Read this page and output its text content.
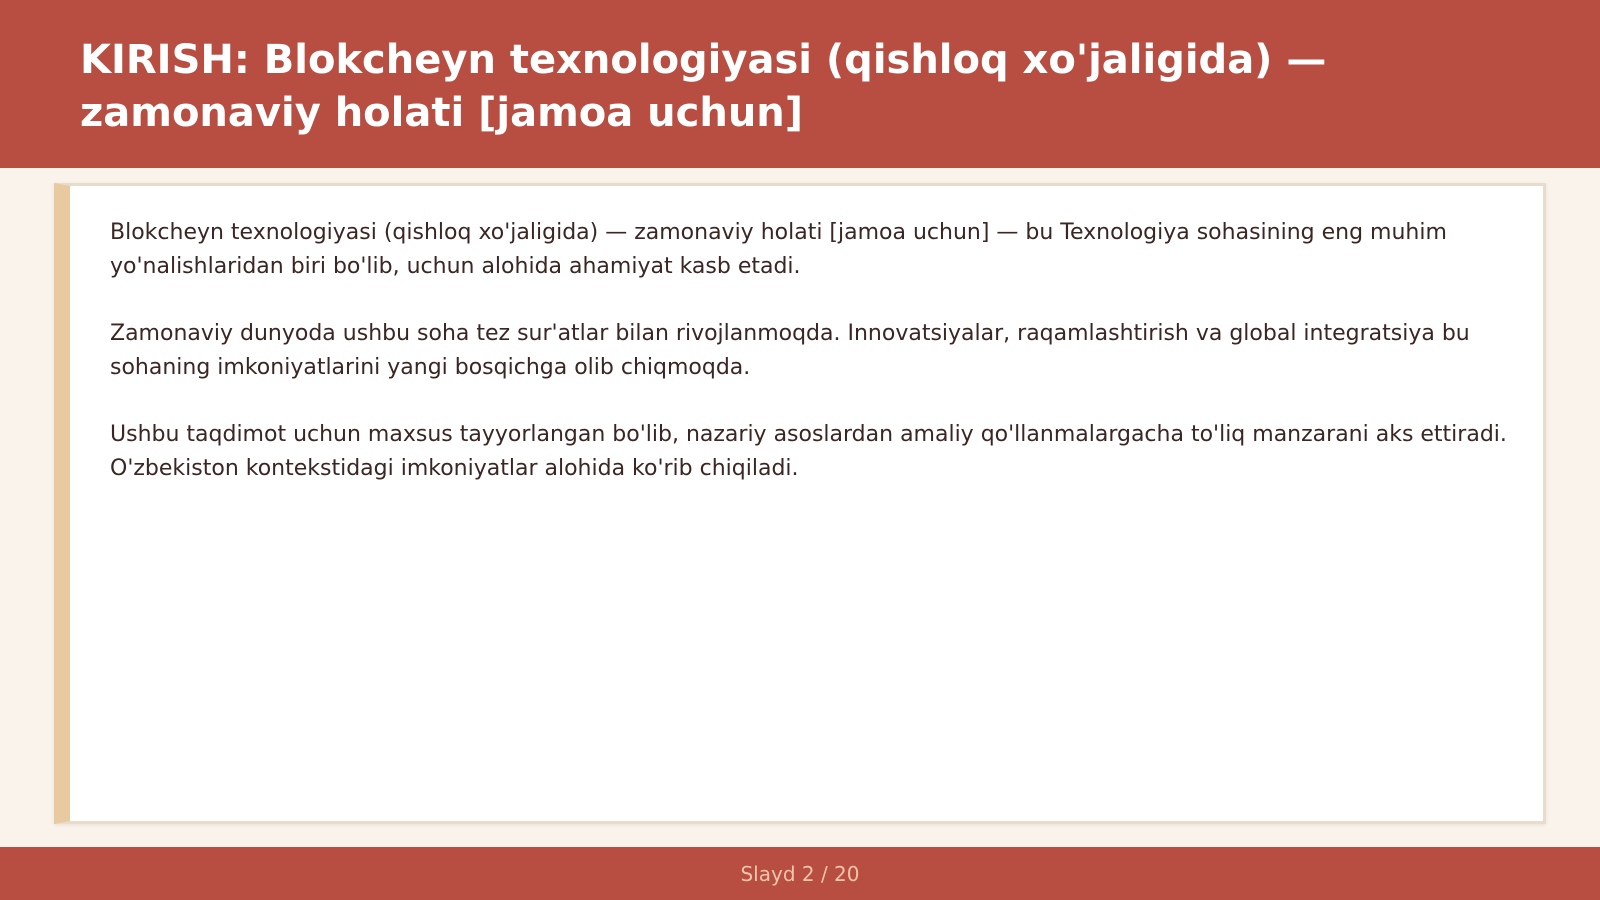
KIRISH: Blokcheyn texnologiyasi (qishloq xo'jaligida) — zamonaviy holati [jamoa uchun]

Blokcheyn texnologiyasi (qishloq xo'jaligida) — zamonaviy holati [jamoa uchun] — bu Texnologiya sohasining eng muhim yo'nalishlaridan biri bo'lib, uchun alohida ahamiyat kasb etadi.

Zamonaviy dunyoda ushbu soha tez sur'atlar bilan rivojlanmoqda. Innovatsiyalar, raqamlashtirish va global integratsiya bu sohaning imkoniyatlarini yangi bosqichga olib chiqmoqda.

Ushbu taqdimot uchun maxsus tayyorlangan bo'lib, nazariy asoslardan amaliy qo'llanmalargacha to'liq manzarani aks ettiradi. O'zbekiston kontekstidagi imkoniyatlar alohida ko'rib chiqiladi.

Slayd 2 / 20
